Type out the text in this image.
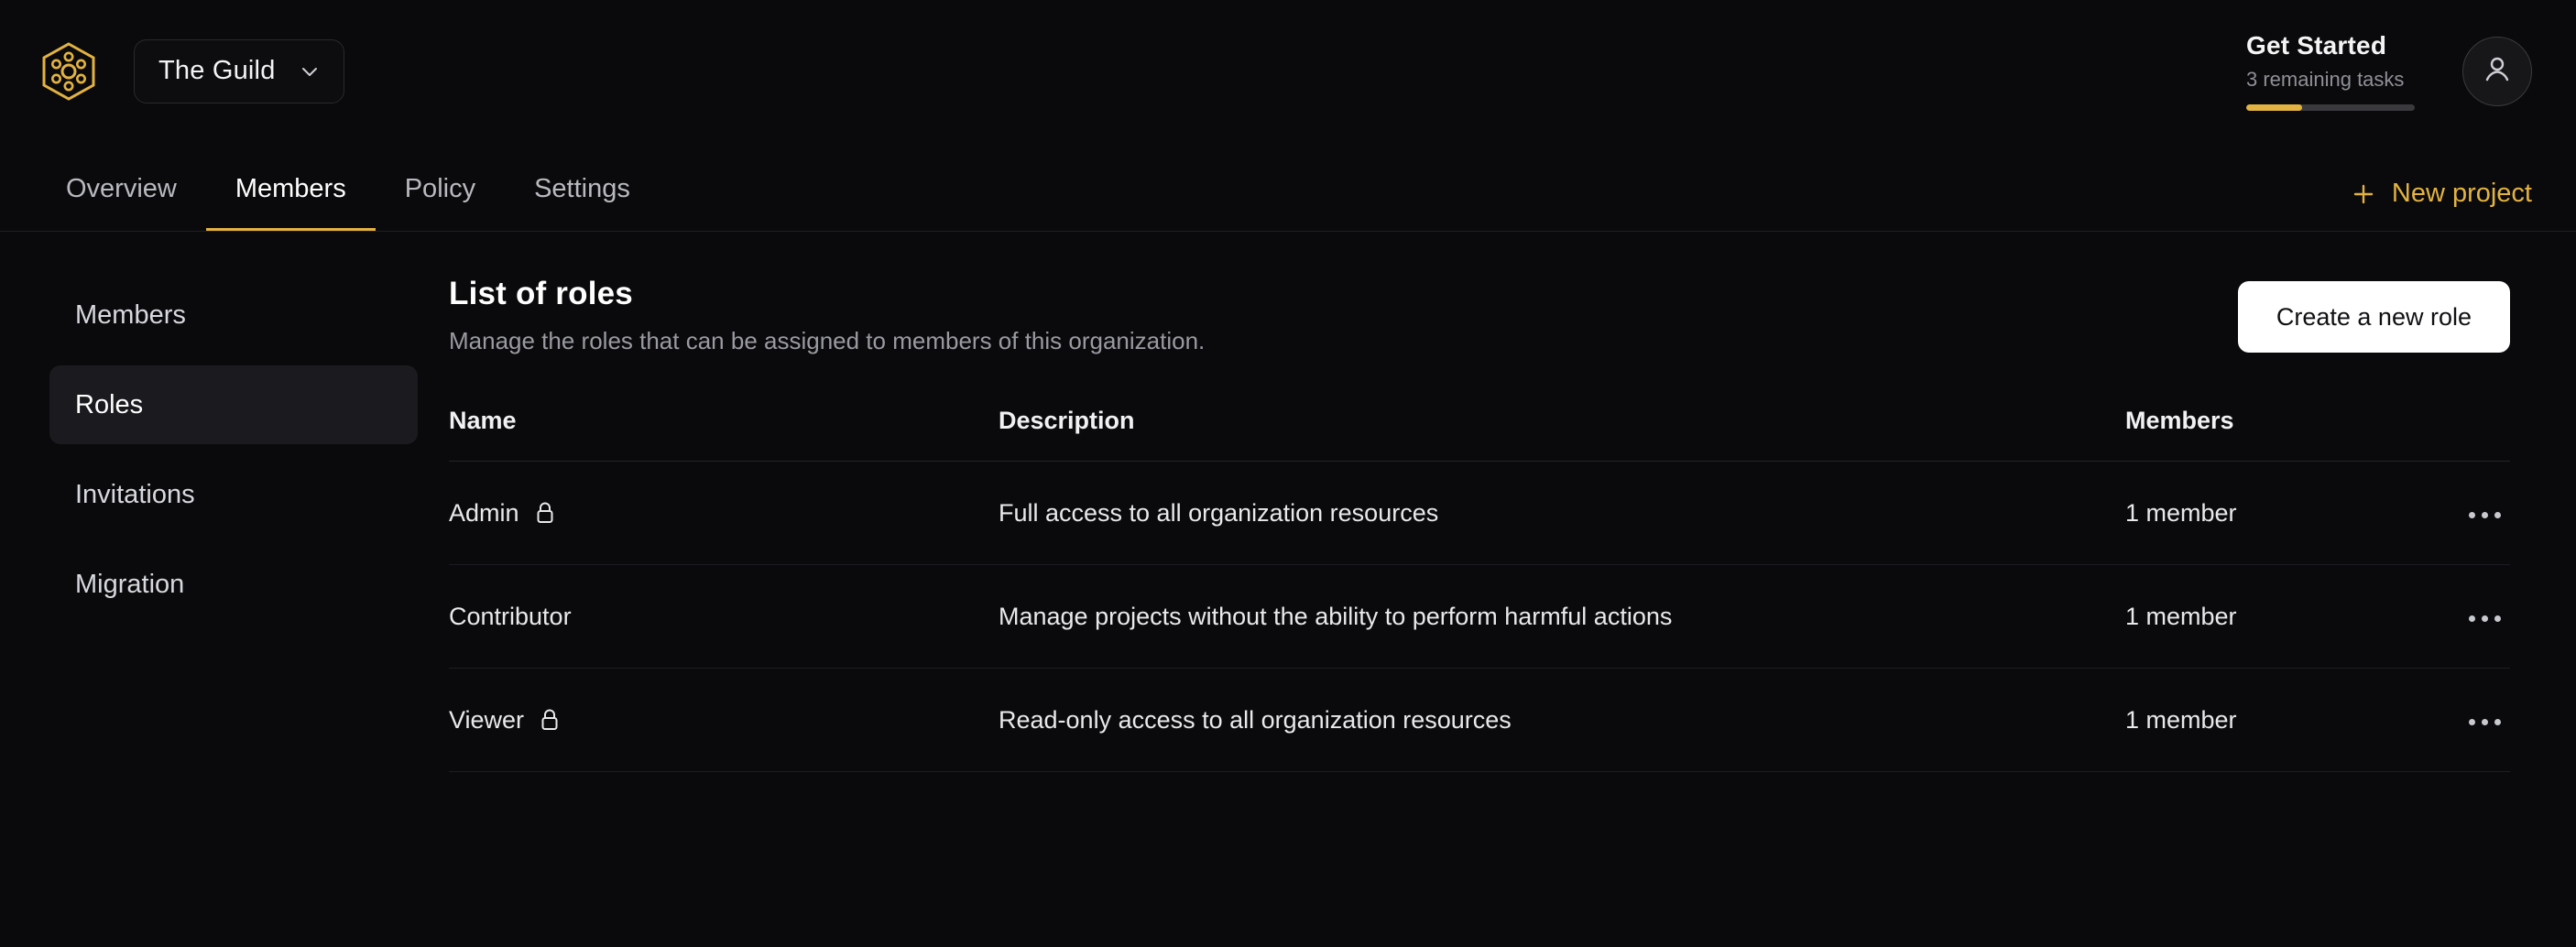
The Guild
Get Started
3 remaining tasks
Overview	Members	Policy	Settings	New project
Members
Roles
Invitations
Migration
List of roles
Manage the roles that can be assigned to members of this organization.
Create a new role
Name	Description	Members	

Admin	Full access to all organization resources	1 member	

Contributor	Manage projects without the ability to perform harmful actions	1 member	

Viewer	Read-only access to all organization resources	1 member	
